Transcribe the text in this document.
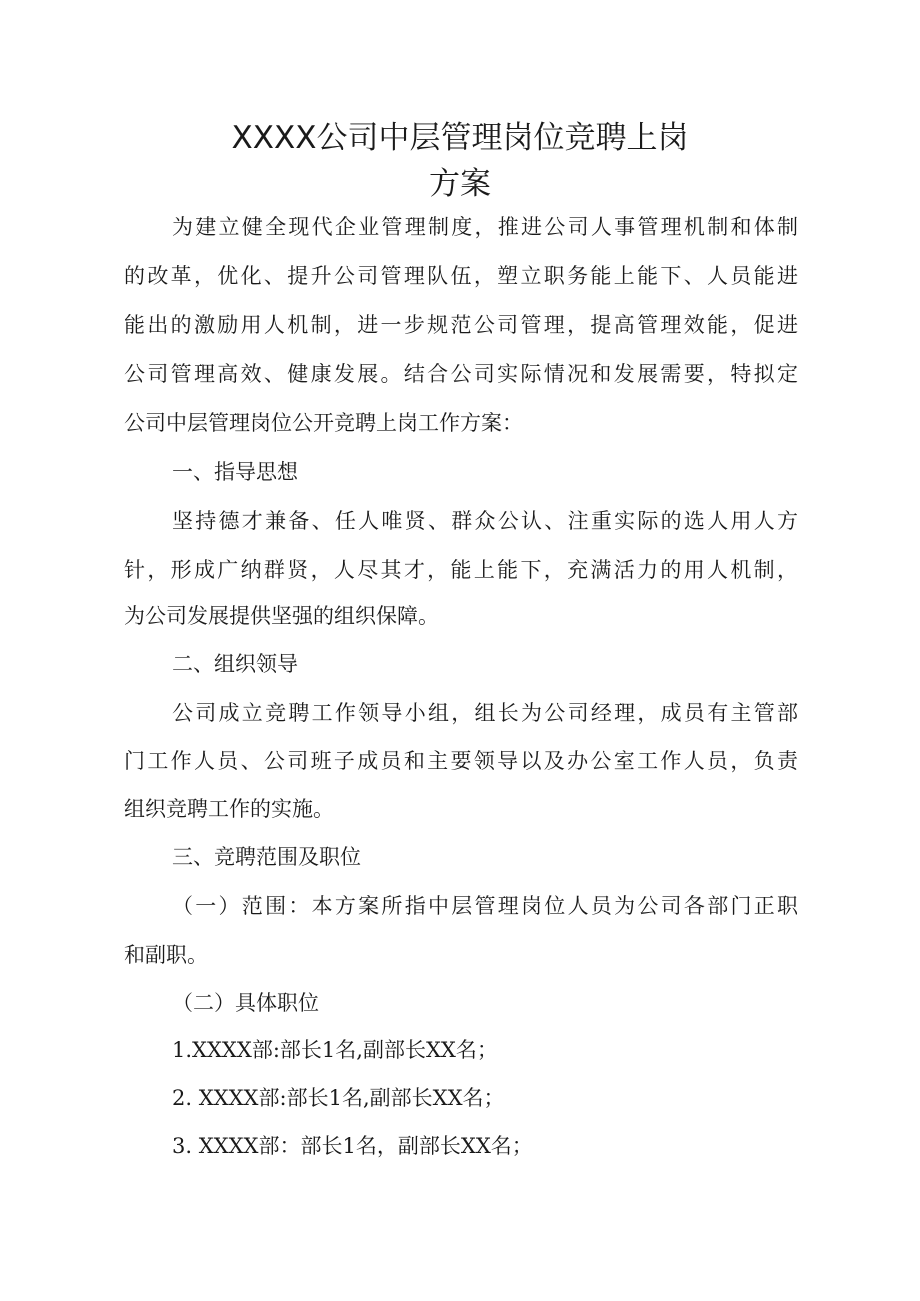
XXXX公司中层管理岗位竞聘上岗
方案

为建立健全现代企业管理制度，推进公司人事管理机制和体制

的改革，优化、提升公司管理队伍，塑立职务能上能下、人员能进

能出的激励用人机制，进一步规范公司管理，提高管理效能，促进

公司管理高效、健康发展。结合公司实际情况和发展需要，特拟定

公司中层管理岗位公开竞聘上岗工作方案：

一、指导思想

坚持德才兼备、任人唯贤、群众公认、注重实际的选人用人方

针，形成广纳群贤，人尽其才，能上能下，充满活力的用人机制，

为公司发展提供坚强的组织保障。

二、组织领导

公司成立竞聘工作领导小组，组长为公司经理，成员有主管部

门工作人员、公司班子成员和主要领导以及办公室工作人员，负责

组织竞聘工作的实施。

三、竞聘范围及职位

（一）范围：本方案所指中层管理岗位人员为公司各部门正职

和副职。

（二）具体职位

1.XXXX部:部长1名,副部长XX名；

2. XXXX部:部长1名,副部长XX名；

3. XXXX部：部长1名，副部长XX名；
